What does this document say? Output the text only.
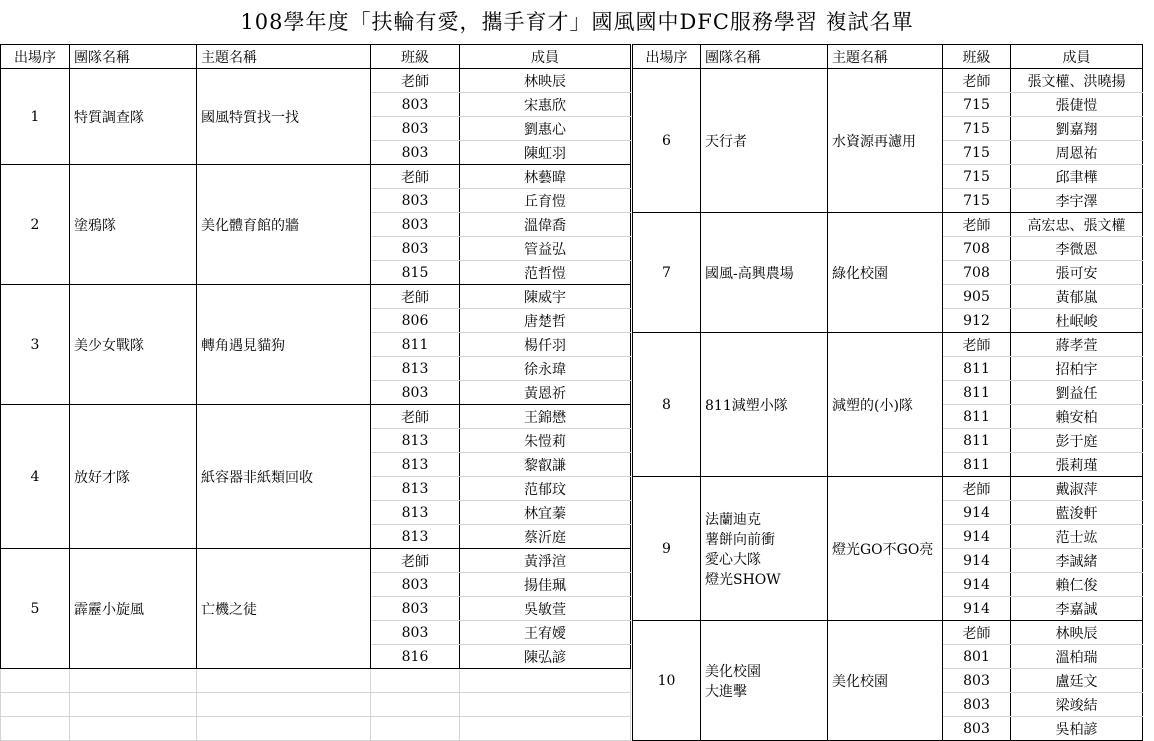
108學年度「扶輪有愛，攜手育才」國風國中DFC服務學習 複試名單
出場序	團隊名稱	主題名稱	班級	成員
1	特質調查隊	國風特質找一找	老師	林映辰
			803	宋惠欣
			803	劉惠心
			803	陳虹羽
2	塗鴉隊	美化體育館的牆	老師	林藝暐
			803	丘育愷
			803	溫偉喬
			803	管益弘
			815	范哲愷
3	美少女戰隊	轉角遇見貓狗	老師	陳威宇
			806	唐楚哲
			811	楊仟羽
			813	徐永瑋
			803	黃恩祈
4	放好才隊	紙容器非紙類回收	老師	王錦懋
			813	朱愷莉
			813	黎叡謙
			813	范郁玟
			813	林宜蓁
			813	蔡沂庭
5	霹靂小旋風	亡機之徒	老師	黃淨渲
			803	揚佳珮
			803	吳敏萱
			803	王宥嬡
			816	陳弘諺

出場序	團隊名稱	主題名稱	班級	成員
6	天行者	水資源再濾用	老師	張文權、洪曉揚
			715	張倢愷
			715	劉嘉翔
			715	周恩祐
			715	邱聿樺
			715	李宇澤
7	國風-高興農場	綠化校園	老師	高宏忠、張文權
			708	李微恩
			708	張可安
			905	黃郁嵐
			912	杜岷峻
8	811減塑小隊	減塑的(小)隊	老師	蔣孝萱
			811	招柏宇
			811	劉益任
			811	賴安柏
			811	彭于庭
			811	張莉瑾
9	法蘭迪克
薯餅向前衝
愛心大隊
燈光SHOW	燈光GO不GO亮	老師	戴淑萍
			914	藍浚軒
			914	范士竑
			914	李誠緒
			914	賴仁俊
			914	李嘉誠
10	美化校園
大進擊	美化校園	老師	林映辰
			801	溫柏瑞
			803	盧廷文
			803	梁竣結
			803	吳柏諺
